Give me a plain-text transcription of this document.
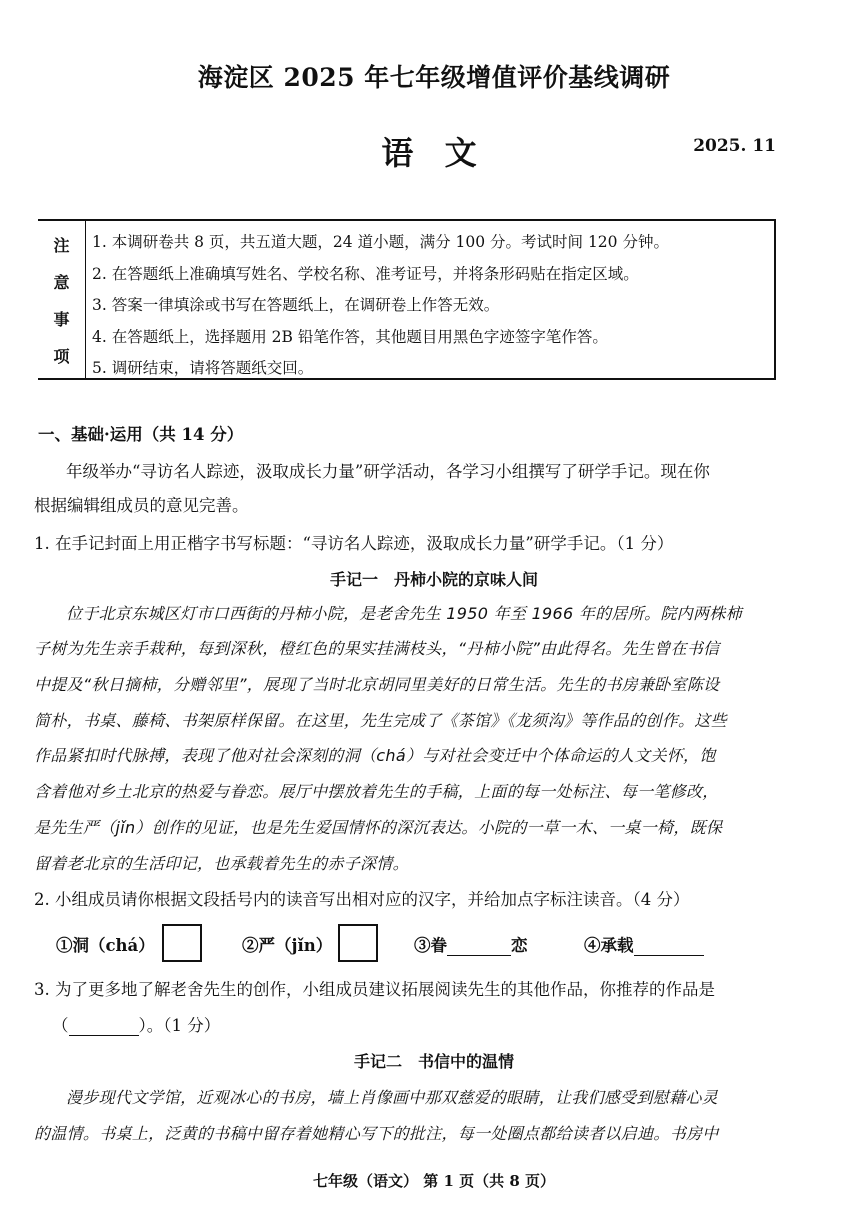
海淀区 2025 年七年级增值评价基线调研
语 文	2025. 11
注
意
事
项
1. 本调研卷共 8 页，共五道大题，24 道小题，满分 100 分。考试时间 120 分钟。
2. 在答题纸上准确填写姓名、学校名称、准考证号，并将条形码贴在指定区域。
3. 答案一律填涂或书写在答题纸上，在调研卷上作答无效。
4. 在答题纸上，选择题用 2B 铅笔作答，其他题目用黑色字迹签字笔作答。
5. 调研结束，请将答题纸交回。
一、基础·运用（共 14 分）
年级举办“寻访名人踪迹，汲取成长力量”研学活动，各学习小组撰写了研学手记。现在你
根据编辑组成员的意见完善。
1. 在手记封面上用正楷字书写标题：“寻访名人踪迹，汲取成长力量”研学手记。（1 分）
手记一　丹柿小院的京味人间
位于北京东城区灯市口西街的丹柿小院，是老舍先生 1950 年至 1966 年的居所。院内两株柿
子树为先生亲手栽种，每到深秋，橙红色的果实挂满枝头，“丹柿小院”由此得名。先生曾在书信
中提及“秋日摘柿，分赠邻里”，展现了当时北京胡同里美好的日常生活。先生的书房兼卧室陈设
简朴，书桌、藤椅、书架原样保留。在这里，先生完成了《茶馆》《龙须沟》等作品的创作。这些
作品紧扣时代脉搏，表现了他对社会深刻的洞（chá）与对社会变迁中个体命运的人文关怀，饱
含着他对乡土北京的热爱与眷恋。展厅中摆放着先生的手稿，上面的每一处标注、每一笔修改，
是先生严（jǐn）创作的见证，也是先生爱国情怀的深沉表达。小院的一草一木、一桌一椅，既保
留着老北京的生活印记，也承载着先生的赤子深情。
2. 小组成员请你根据文段括号内的读音写出相对应的汉字，并给加点字标注读音。（4 分）
①洞（chá）	②严（jǐn）	③眷	恋	④承载
3. 为了更多地了解老舍先生的创作，小组成员建议拓展阅读先生的其他作品，你推荐的作品是
（	）。（1 分）
手记二　书信中的温情
漫步现代文学馆，近观冰心的书房，墙上肖像画中那双慈爱的眼睛，让我们感受到慰藉心灵
的温情。书桌上，泛黄的书稿中留存着她精心写下的批注，每一处圈点都给读者以启迪。书房中
七年级（语文） 第 1 页（共 8 页）
